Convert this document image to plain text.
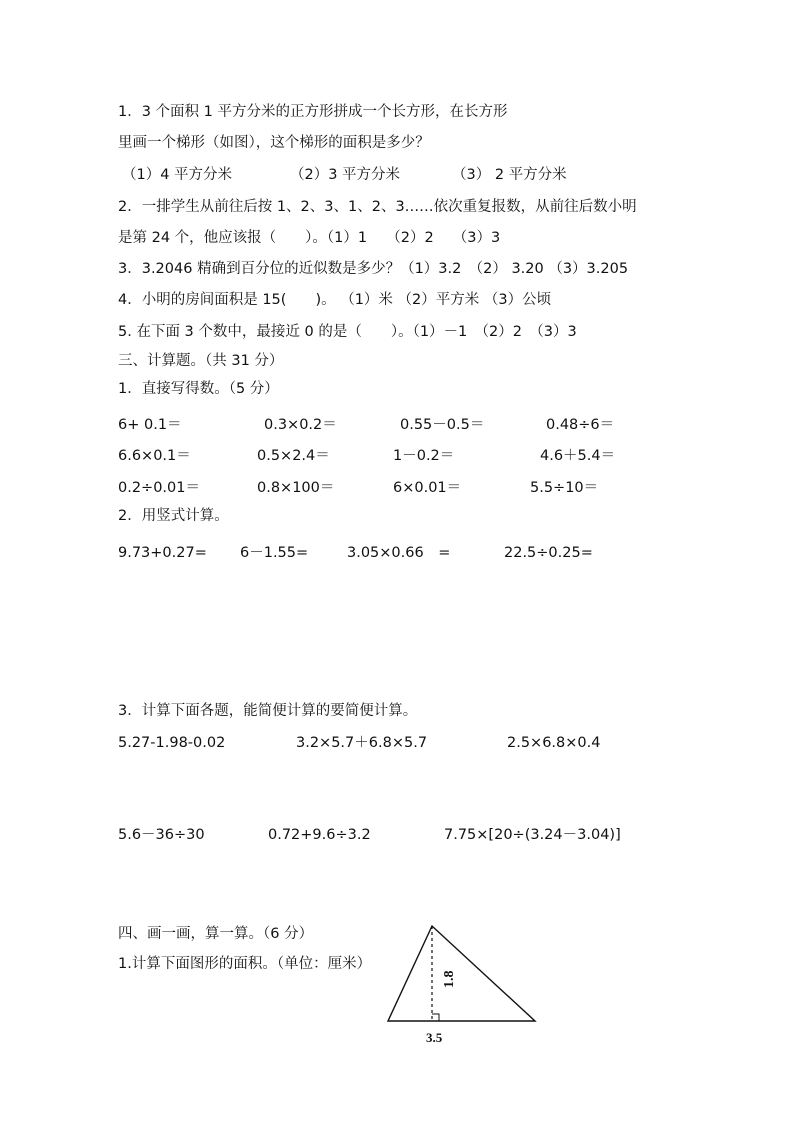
1．3 个面积 1 平方分米的正方形拼成一个长方形，在长方形
里画一个梯形（如图），这个梯形的面积是多少？
（1）4 平方分米	（2）3 平方分米	（3） 2 平方分米
2．一排学生从前往后按 1、2、3、1、2、3……依次重复报数，从前往后数小明
是第 24 个，他应该报（　　）。（1）1　 （2）2　 （3）3
3．3.2046 精确到百分位的近似数是多少？（1）3.2　（2） 3.20 （3）3.205
4．小明的房间面积是 15(　　)。 （1）米 （2）平方米 （3）公顷
5. 在下面 3 个数中，最接近 0 的是（　　）。（1）－1　（2）2　（3）3
三、计算题。（共 31 分）
1．直接写得数。（5 分）
6+ 0.1＝	0.3×0.2＝	0.55－0.5＝	0.48÷6＝
6.6×0.1＝	0.5×2.4＝	1－0.2＝	4.6＋5.4＝
0.2÷0.01＝	0.8×100＝	6×0.01＝	5.5÷10＝
2．用竖式计算。
9.73+0.27= 6－1.55=	3.05×0.66　=	22.5÷0.25=
3．计算下面各题，能简便计算的要简便计算。
5.27-1.98-0.02	3.2×5.7＋6.8×5.7	2.5×6.8×0.4
5.6－36÷30	0.72+9.6÷3.2	7.75×[20÷(3.24－3.04)]
四、画一画，算一算。（6 分）
1.计算下面图形的面积。（单位：厘米）
1.8
3.5
